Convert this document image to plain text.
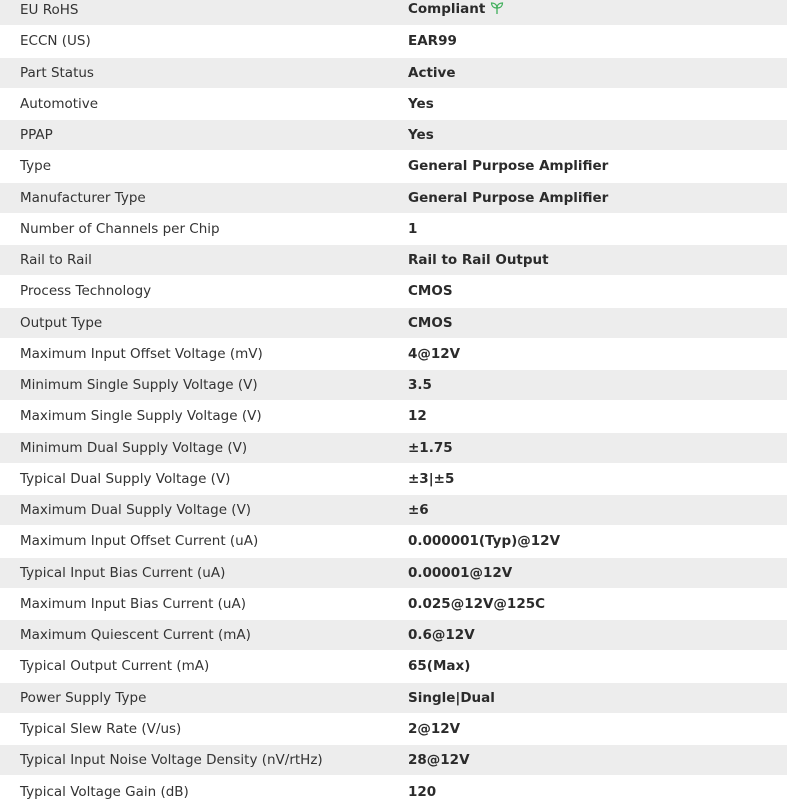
EU RoHS	Compliant
ECCN (US)	EAR99
Part Status	Active
Automotive	Yes
PPAP	Yes
Type	General Purpose Amplifier
Manufacturer Type	General Purpose Amplifier
Number of Channels per Chip	1
Rail to Rail	Rail to Rail Output
Process Technology	CMOS
Output Type	CMOS
Maximum Input Offset Voltage (mV)	4@12V
Minimum Single Supply Voltage (V)	3.5
Maximum Single Supply Voltage (V)	12
Minimum Dual Supply Voltage (V)	±1.75
Typical Dual Supply Voltage (V)	±3|±5
Maximum Dual Supply Voltage (V)	±6
Maximum Input Offset Current (uA)	0.000001(Typ)@12V
Typical Input Bias Current (uA)	0.00001@12V
Maximum Input Bias Current (uA)	0.025@12V@125C
Maximum Quiescent Current (mA)	0.6@12V
Typical Output Current (mA)	65(Max)
Power Supply Type	Single|Dual
Typical Slew Rate (V/us)	2@12V
Typical Input Noise Voltage Density (nV/rtHz)	28@12V
Typical Voltage Gain (dB)	120
